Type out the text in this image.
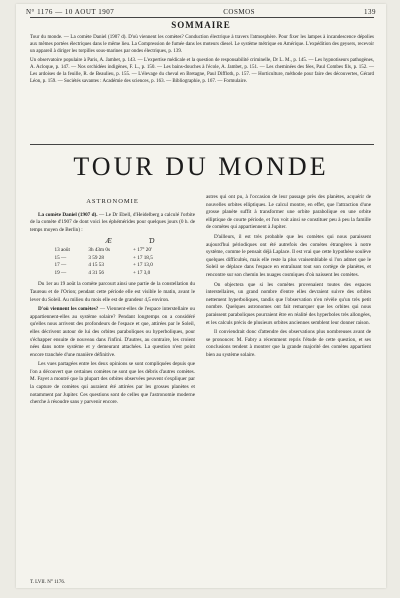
N° 1176 — 10 AOUT 1907	COSMOS	139
SOMMAIRE

Tour du monde. — La comète Daniel (1907 d). D'où viennent les comètes? Conduction électrique à travers l'atmosphère. Pour fixer les lampes à incandescence dépolies aux mêmes portées électriques dans le même lieu. La Compression de fumée dans les moteurs diesel. Le système métrique en Amérique. L'expédition des geysers, recevoir un appareil à diriger les torpilles sous-marines par ondes électriques, p. 139.

Un observatoire populaire à Paris, A. Jambet, p. 143. — L'expertise médicale et la question de responsabilité criminelle, Dr L. M., p. 145. — Les hypnotiseurs pathogènes, A. Acloque, p. 147. — Nos orchidées indigènes, F. L., p. 150. — Les bains-douches à l'école, A. Jambet, p. 151. — Les cheminées des fées, Paul Combes fils, p. 152. — Les ardoises de la feuille, R. de Beaulieu, p. 155. — L'élevage du cheval en Bretagne, Paul Diffloth, p. 157. — Horticulture, méthode pour faire des découvertes, Gérard Léon, p. 159. — Sociétés savantes : Académie des sciences, p. 163. — Bibliographie, p. 167. — Formulaire.

TOUR DU MONDE
ASTRONOMIE

La comète Daniel (1907 d). — Le Dr Ebell, d'Heidelberg a calculé l'orbite de la comète d'1907 de dont voici les éphémérides pour quelques jours (0 h. de temps moyen de Berlin) :

	Æ	Ɗ
13 août	3h 43m 0s	+ 17° 20'
15 —	3 59 28	+ 17 18,5
17 —	4 15 53	+ 17 13,0
19 —	4 31 56	+ 17 3,0

Du 1er au 19 août la comète parcourt ainsi une partie de la constellation du Taureau et de l'Orion; pendant cette période elle est visible le matin, avant le lever du Soleil. Au milieu du mois elle est de grandeur 4,5 environ.

D'où viennent les comètes? — Viennent-elles de l'espace interstellaire ou appartiennent-elles au système solaire? Pendant longtemps on a considéré qu'elles nous arrivent des profondeurs de l'espace et que, attirées par le Soleil, elles décrivent autour de lui des orbites paraboliques ou hyperboliques, pour s'échapper ensuite de nouveau dans l'infini. D'autres, au contraire, les croient nées dans notre système et y demeurant attachées. La question n'est point encore tranchée d'une manière définitive.

Les vues partagées entre les deux opinions se sont compliquées depuis que l'on a découvert que certaines comètes ne sont que les débris d'autres comètes. M. Fayet a montré que la plupart des orbites observées peuvent s'expliquer par la capture de comètes qui auraient été attirées par les grosses planètes et notamment par Jupiter. Ces questions sont de celles que l'astronomie moderne cherche à résoudre sans y parvenir encore.

astres qui ont pu, à l'occasion de leur passage près des planètes, acquérir de nouvelles orbites elliptiques. Le calcul montre, en effet, que l'attraction d'une grosse planète suffit à transformer une orbite parabolique en une orbite elliptique de courte période, et l'on voit ainsi se constituer peu à peu la famille de comètes qui appartiennent à Jupiter.

D'ailleurs, il est très probable que les comètes qui nous paraissent aujourd'hui périodiques ont été autrefois des comètes étrangères à notre système, comme le pensait déjà Laplace. Il est vrai que cette hypothèse soulève quelques difficultés, mais elle reste la plus vraisemblable si l'on admet que le Soleil se déplace dans l'espace en entraînant tout son cortège de planètes, et rencontre sur son chemin les nuages cosmiques d'où naissent les comètes.

On objectera que si les comètes provenaient toutes des espaces interstellaires, un grand nombre d'entre elles devraient suivre des orbites nettement hyperboliques, tandis que l'observation n'en révèle qu'un très petit nombre. Quelques astronomes ont fait remarquer que les orbites qui nous paraissent paraboliques pourraient être en réalité des hyperboles très allongées, et les calculs précis de plusieurs orbites anciennes semblent leur donner raison.

Il conviendrait donc d'attendre des observations plus nombreuses avant de se prononcer. M. Fabry a récemment repris l'étude de cette question, et ses conclusions tendent à montrer que la grande majorité des comètes appartient bien au système solaire.

T. LVII. N° 1176.
